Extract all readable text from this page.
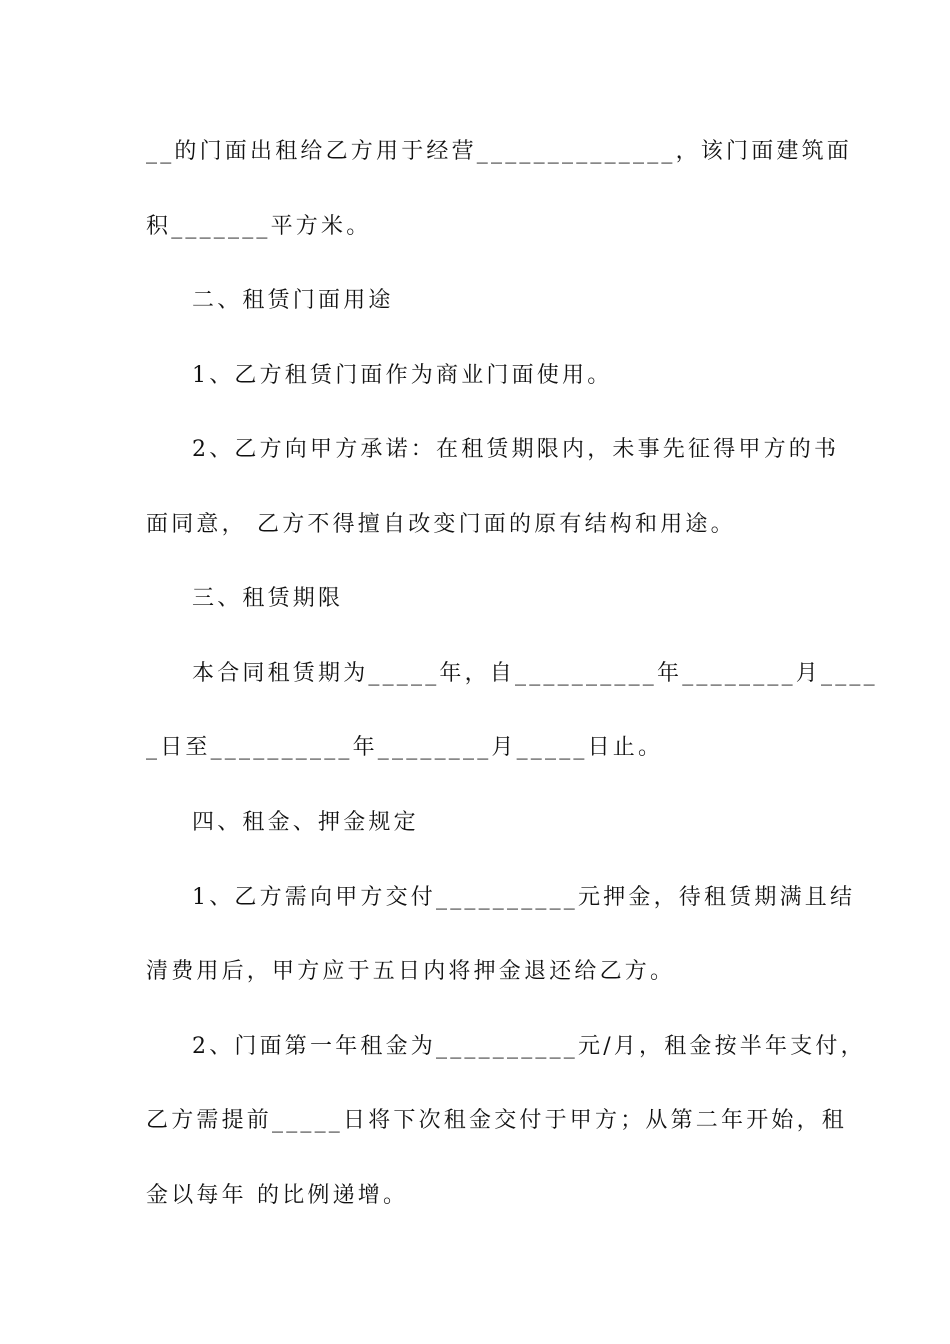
__的门面出租给乙方用于经营______________，该门面建筑面
积_______平方米。
二、租赁门面用途
1、乙方租赁门面作为商业门面使用。
2、乙方向甲方承诺：在租赁期限内，未事先征得甲方的书
面同意， 乙方不得擅自改变门面的原有结构和用途。
三、租赁期限
本合同租赁期为_____年，自__________年________月____
_日至__________年________月_____日止。
四、租金、押金规定
1、乙方需向甲方交付__________元押金，待租赁期满且结
清费用后，甲方应于五日内将押金退还给乙方。
2、门面第一年租金为__________元/月，租金按半年支付，
乙方需提前_____日将下次租金交付于甲方；从第二年开始，租
金以每年 的比例递增。
